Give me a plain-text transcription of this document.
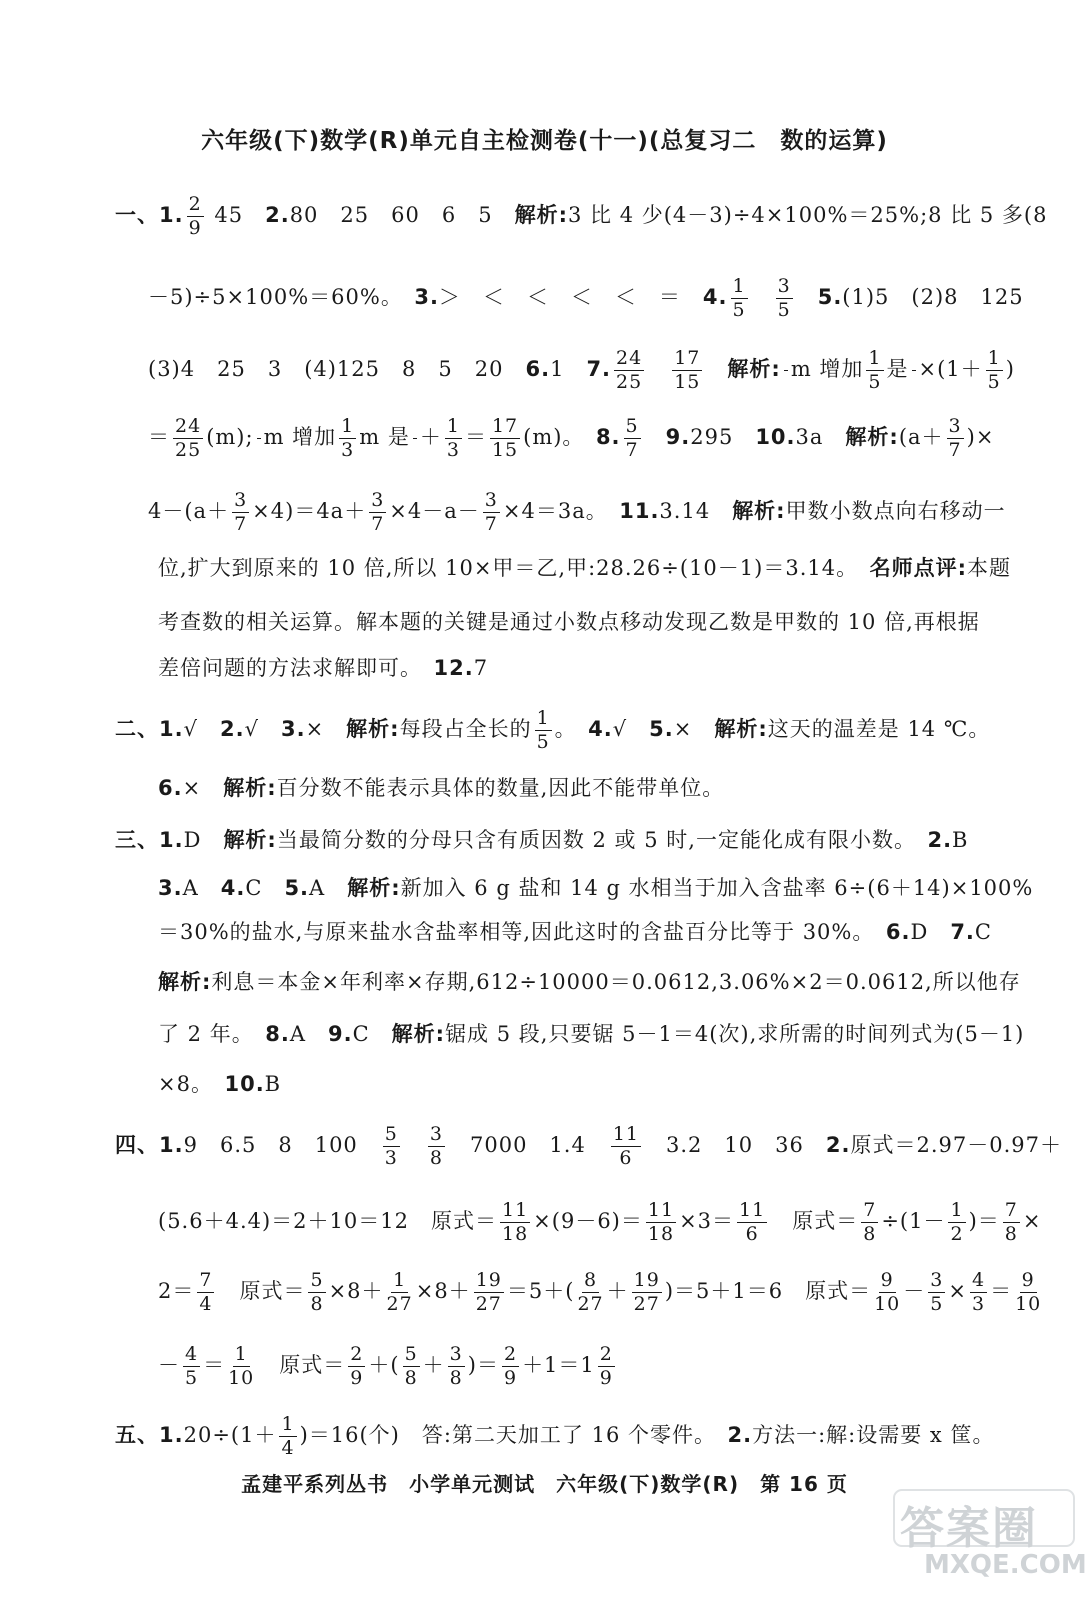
六年级(下)数学(R)单元自主检测卷(十一)(总复习二　数的运算)
一、1. $\frac{2}{9} 45$　 2.80　25　60　6　5　 解析:3 比 4 少(4－3)÷4×100%＝25%;8 比 5 多(8
－5)÷5×100%＝60%。　 3.＞　＜　＜　＜　＜　＝　 4. $\frac{1}{5}$
　 $\frac{3}{5}$
　 5.(1)5　(2)8　125
(3)4　25　3　(4)125　8　5　20　 6.1　 7. $\frac{24}{25}$
　 $\frac{17}{15}$
　 解析: m 增加 $\frac{1}{5}$ 是 $\times(1+ \frac{1}{5}$ )
＝ $\frac{24}{25} (m)$; m 增加 $\frac{1}{3}$ m 是 ＋ $\frac{1}{3} = \frac{17}{15} (m)$。　 8. $\frac{5}{7}$
　 9.295　 10.3a　 解析:(a＋ $\frac{3}{7}$ )×
$4-(a+ \frac{3}{7} \times 4)=4a+ \frac{3}{7} \times 4-a- \frac{3}{7} \times 4=3a$。　 11.3.14　 解析:甲数小数点向右移动一
位,扩大到原来的 10 倍,所以 10×甲＝乙,甲:28.26÷(10－1)＝3.14。　 名师点评:本题
考查数的相关运算。解本题的关键是通过小数点移动发现乙数是甲数的 10 倍,再根据
差倍问题的方法求解即可。　 12.7
二、1.√　 2.√　 3.×　 解析:每段占全长的 $\frac{1}{5}$ 。　 4.√　 5.×　 解析:这天的温差是 14 ℃。
6.×　 解析:百分数不能表示具体的数量,因此不能带单位。
三、1.D　 解析:当最简分数的分母只含有质因数 2 或 5 时,一定能化成有限小数。　 2.B
3.A　 4.C　 5.A　 解析:新加入 6 g 盐和 14 g 水相当于加入含盐率 6÷(6＋14)×100%
＝30%的盐水,与原来盐水含盐率相等,因此这时的含盐百分比等于 30%。　 6.D　 7.C
解析:利息＝本金×年利率×存期,612÷10000＝0.0612,3.06%×2＝0.0612,所以他存
了 2 年。　 8.A　 9.C　 解析:锯成 5 段,只要锯 5－1＝4(次),求所需的时间列式为(5－1)
×8。　 10.B
四、1.9　6.5　8　100　 $\frac{5}{3}$
　 $\frac{3}{8}$
　 7000　1.4　 $\frac{11}{6}$
　 3.2　10　36　 2.原式＝2.97－0.97＋
(5.6＋4.4)＝2＋10＝12　原式＝ $\frac{11}{18} \times(9-6)= \frac{11}{18} \times 3= \frac{11}{6}$ 　原式＝ $\frac{7}{8} \div(1- \frac{1}{2}$ )＝ $\frac{7}{8}$ ×
$2= \frac{7}{4}$ 　原式＝ $\frac{5}{8} \times 8+ \frac{1}{27} \times 8+ \frac{19}{27} =5+( \frac{8}{27} + \frac{19}{27} )=5+1=6$　原式＝ $\frac{9}{10} - \frac{3}{5} \times \frac{4}{3} = \frac{9}{10}$
－ $\frac{4}{5} = \frac{1}{10}$ 　原式＝ $\frac{2}{9}$ ＋( $\frac{5}{8} + \frac{3}{8}$ )＝ $\frac{2}{9} +1=1 \frac{2}{9}$
五、$1.20\div(1+ \frac{1}{4} )=16$(个)　答:第二天加工了 16 个零件。　 2.方法一:解:设需要 x 筐。
孟建平系列丛书　小学单元测试　六年级(下)数学(R)　第 16 页
答案圈
MXQE.COM
